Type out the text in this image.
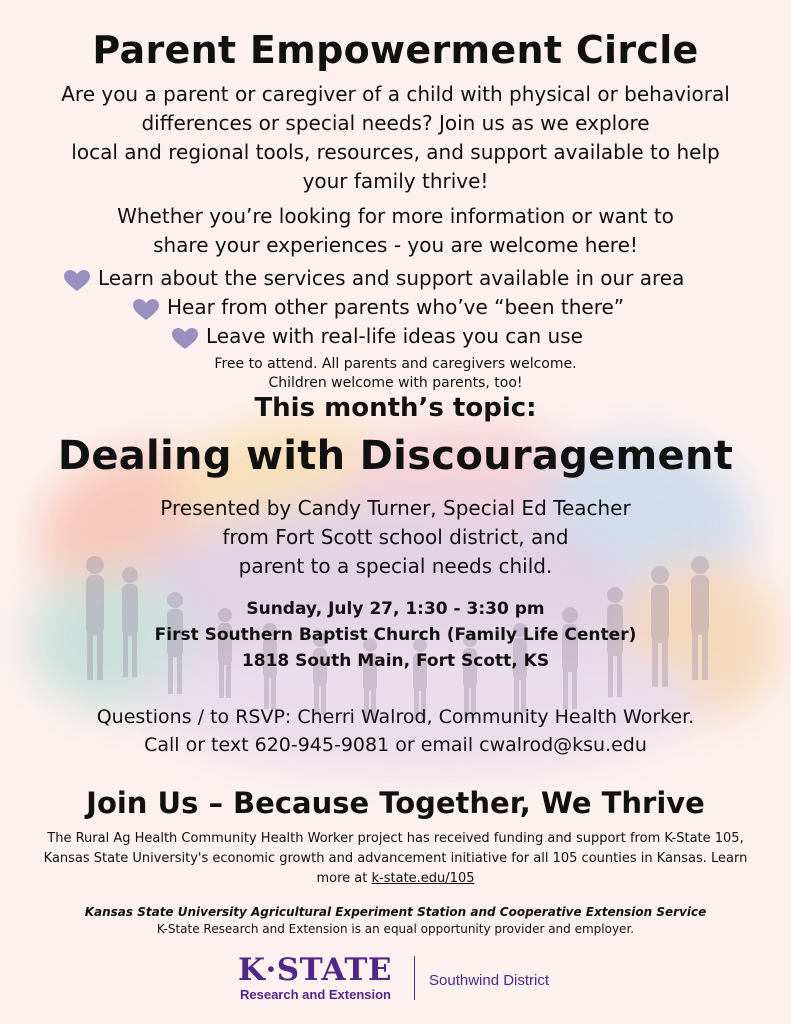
Parent Empowerment Circle

Are you a parent or caregiver of a child with physical or behavioral

differences or special needs? Join us as we explore

local and regional tools, resources, and support available to help

your family thrive!

Whether you’re looking for more information or want to
share your experiences - you are welcome here!
Learn about the services and support available in our area
Hear from other parents who’ve “been there”
Leave with real-life ideas you can use
Free to attend. All parents and caregivers welcome.
Children welcome with parents, too!
This month’s topic:
Dealing with Discouragement
Presented by Candy Turner, Special Ed Teacher
from Fort Scott school district, and
parent to a special needs child.
Sunday, July 27, 1:30 - 3:30 pm
First Southern Baptist Church (Family Life Center)
1818 South Main, Fort Scott, KS
Questions / to RSVP: Cherri Walrod, Community Health Worker.
Call or text 620-945-9081 or email cwalrod@ksu.edu
Join Us – Because Together, We Thrive
The Rural Ag Health Community Health Worker project has received funding and support from K-State 105, Kansas State University's economic growth and advancement initiative for all 105 counties in Kansas. Learn more at k-state.edu/105
Kansas State University Agricultural Experiment Station and Cooperative Extension Service
K-State Research and Extension is an equal opportunity provider and employer.
K·STATE
Research and Extension
Southwind District
